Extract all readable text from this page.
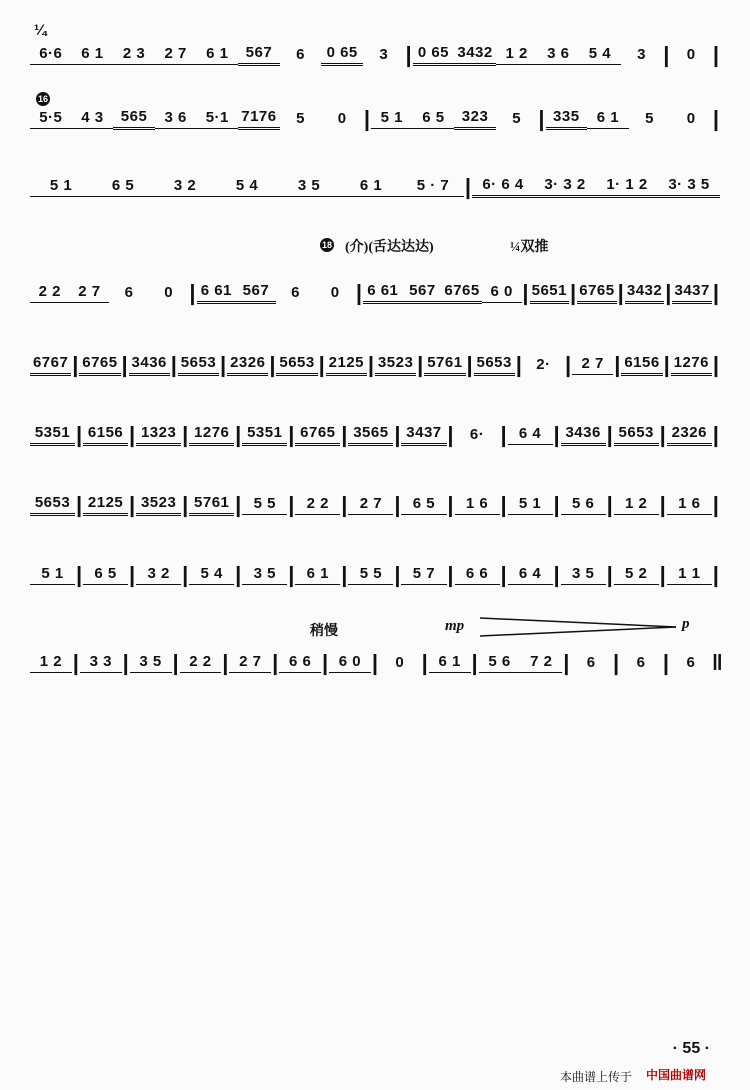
¼
6·6	6 1	2 3	2 7	6 1	567	6	0 65	3 | 0 65 3432 1 2	3 6	5 4	3 |	0 |
5·5	4 3	565	3 6	5·1 7176	5	0 | 5 1	6 5	323	5 | 335	6 1	5	0 |
5 1	6 5	3 2	5 4	3 5	6 1	5 · 7 | 6· 6 4	3· 3 2	1· 1 2	3· 3 5
16
18 (介)(舌达达达)	¼双推
2 2	2 7	6	0 | 6 61 567	6	0 | 6 61 567 6765 6 0 | 5651 | 6765 | 3432 | 3437 |
6767 | 6765 | 3436 | 5653 | 2326 | 5653 | 2125 | 3523 | 5761 | 5653 | 2· | 2 7 | 6156 | 1276 |
5351 | 6156 | 1323 | 1276 | 5351 | 6765 | 3565 | 3437 |	6· | 6 4 | 3436 | 5653 | 2326 |
5653 | 2125 | 3523 | 5761 | 5 5 | 2 2 | 2 7 | 6 5 | 1 6 | 5 1 | 5 6 | 1 2 | 1 6 |
5 1 | 6 5 | 3 2 | 5 4 | 3 5 | 6 1 | 5 5 | 5 7 | 6 6 | 6 4 | 3 5 | 5 2 | 1 1 |
稍慢	mp	p
1 2 | 3 3 | 3 5 | 2 2 | 2 7 | 6 6 | 6 0 |	0 | 6 1 | 5 6	7 2 |	6 |	6 |	6 ‖
· 55 ·
本曲谱上传于 中国曲谱网
